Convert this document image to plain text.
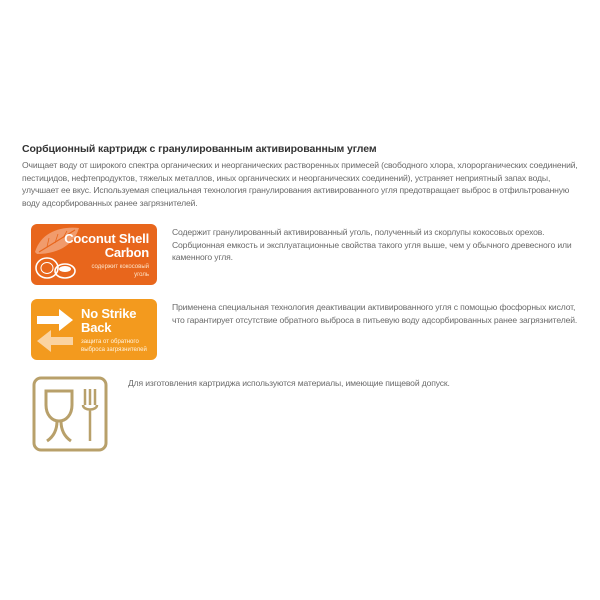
Сорбционный картридж с гранулированным активированным углем
Очищает воду от широкого спектра органических и неорганических растворенных примесей (свободного хлора, хлорорганических соединений, пестицидов, нефтепродуктов, тяжелых металлов, иных органических и неорганических соединений), устраняет неприятный запах воды, улучшает ее вкус. Используемая специальная технология гранулирования активированного угля предотвращает выброс в отфильтрованную воду адсорбированных ранее загрязнителей.
Coconut Shell
Carbon
содержит кокосовый уголь
Содержит гранулированный активированный уголь, полученный из скорлупы кокосовых орехов. Сорбционная емкость и эксплуатационные свойства такого угля выше, чем у обычного древесного или каменного угля.
No Strike
Back
защита от обратного выброса загрязнителей
Применена специальная технология деактивации активированного угля с помощью фосфорных кислот, что гарантирует отсутствие обратного выброса в питьевую воду адсорбированных ранее загрязнителей.
Для изготовления картриджа используются материалы, имеющие пищевой допуск.
